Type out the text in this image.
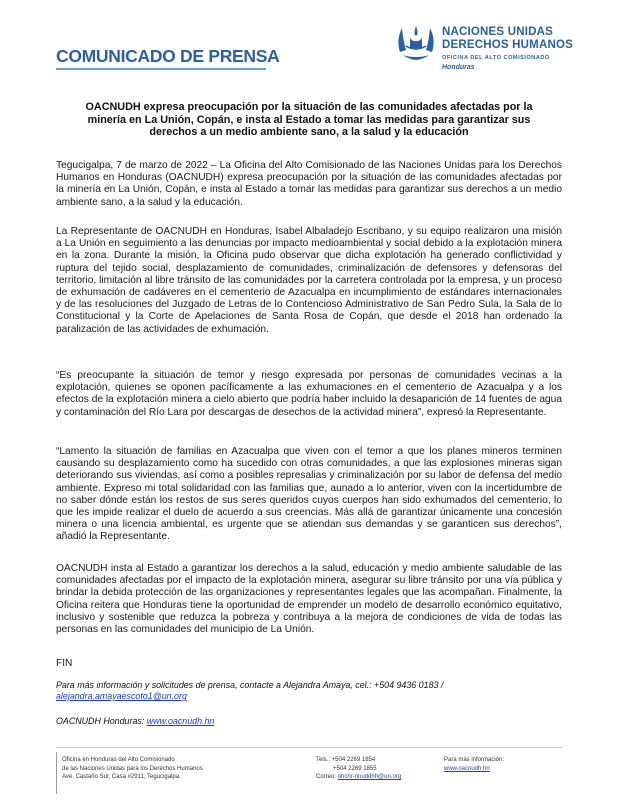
COMUNICADO DE PRENSA
NACIONES UNIDAS
DERECHOS HUMANOS
OFICINA DEL ALTO COMISIONADO
Honduras
OACNUDH expresa preocupación por la situación de las comunidades afectadas por la minería en La Unión, Copán, e insta al Estado a tomar las medidas para garantizar sus derechos a un medio ambiente sano, a la salud y la educación
Tegucigalpa, 7 de marzo de 2022 – La Oficina del Alto Comisionado de las Naciones Unidas para los Derechos Humanos en Honduras (OACNUDH) expresa preocupación por la situación de las comunidades afectadas por la minería en La Unión, Copán, e insta al Estado a tomar las medidas para garantizar sus derechos a un medio ambiente sano, a la salud y la educación.
La Representante de OACNUDH en Honduras, Isabel Albaladejo Escribano, y su equipo realizaron una misión a La Unión en seguimiento a las denuncias por impacto medioambiental y social debido a la explotación minera en la zona. Durante la misión, la Oficina pudo observar que dicha explotación ha generado conflictividad y ruptura del tejido social, desplazamiento de comunidades, criminalización de defensores y defensoras del territorio, limitación al libre tránsito de las comunidades por la carretera controlada por la empresa, y un proceso de exhumación de cadáveres en el cementerio de Azacualpa en incumplimiento de estándares internacionales y de las resoluciones del Juzgado de Letras de lo Contencioso Administrativo de San Pedro Sula, la Sala de lo Constitucional y la Corte de Apelaciones de Santa Rosa de Copán, que desde el 2018 han ordenado la paralización de las actividades de exhumación.
“Es preocupante la situación de temor y riesgo expresada por personas de comunidades vecinas a la explotación, quienes se oponen pacíficamente a las exhumaciones en el cementerio de Azacualpa y a los efectos de la explotación minera a cielo abierto que podría haber incluido la desaparición de 14 fuentes de agua y contaminación del Río Lara por descargas de desechos de la actividad minera”, expresó la Representante.
“Lamento la situación de familias en Azacualpa que viven con el temor a que los planes mineros terminen causando su desplazamiento como ha sucedido con otras comunidades, a que las explosiones mineras sigan deteriorando sus viviendas, así como a posibles represalias y criminalización por su labor de defensa del medio ambiente. Expreso mi total solidaridad con las familias que, aunado a lo anterior, viven con la incertidumbre de no saber dónde están los restos de sus seres queridos cuyos cuerpos han sido exhumados del cementerio, lo que les impide realizar el duelo de acuerdo a sus creencias. Más allá de garantizar únicamente una concesión minera o una licencia ambiental, es urgente que se atiendan sus demandas y se garanticen sus derechos”, añadió la Representante.
OACNUDH insta al Estado a garantizar los derechos a la salud, educación y medio ambiente saludable de las comunidades afectadas por el impacto de la explotación minera, asegurar su libre tránsito por una vía pública y brindar la debida protección de las organizaciones y representantes legales que las acompañan. Finalmente, la Oficina reitera que Honduras tiene la oportunidad de emprender un modelo de desarrollo económico equitativo, inclusivo y sostenible que reduzca la pobreza y contribuya a la mejora de condiciones de vida de todas las personas en las comunidades del municipio de La Unión.
FIN
Para más información y solicitudes de prensa, contacte a Alejandra Amaya, cel.: +504 9436 0183 /
alejandra.amayaescoto1@un.org
OACNUDH Honduras: www.oacnudh.hn
Oficina en Honduras del Alto Comisionado
de las Naciones Unidas para los Derechos Humanos
Ave. Castaño Sur, Casa #2911, Tegucigalpa.
Tels.: +504 2269 1854
+504 2269 1855
Correo: ohchr-onuddhh@un.org
Para más información:
www.oacnudh.hn
